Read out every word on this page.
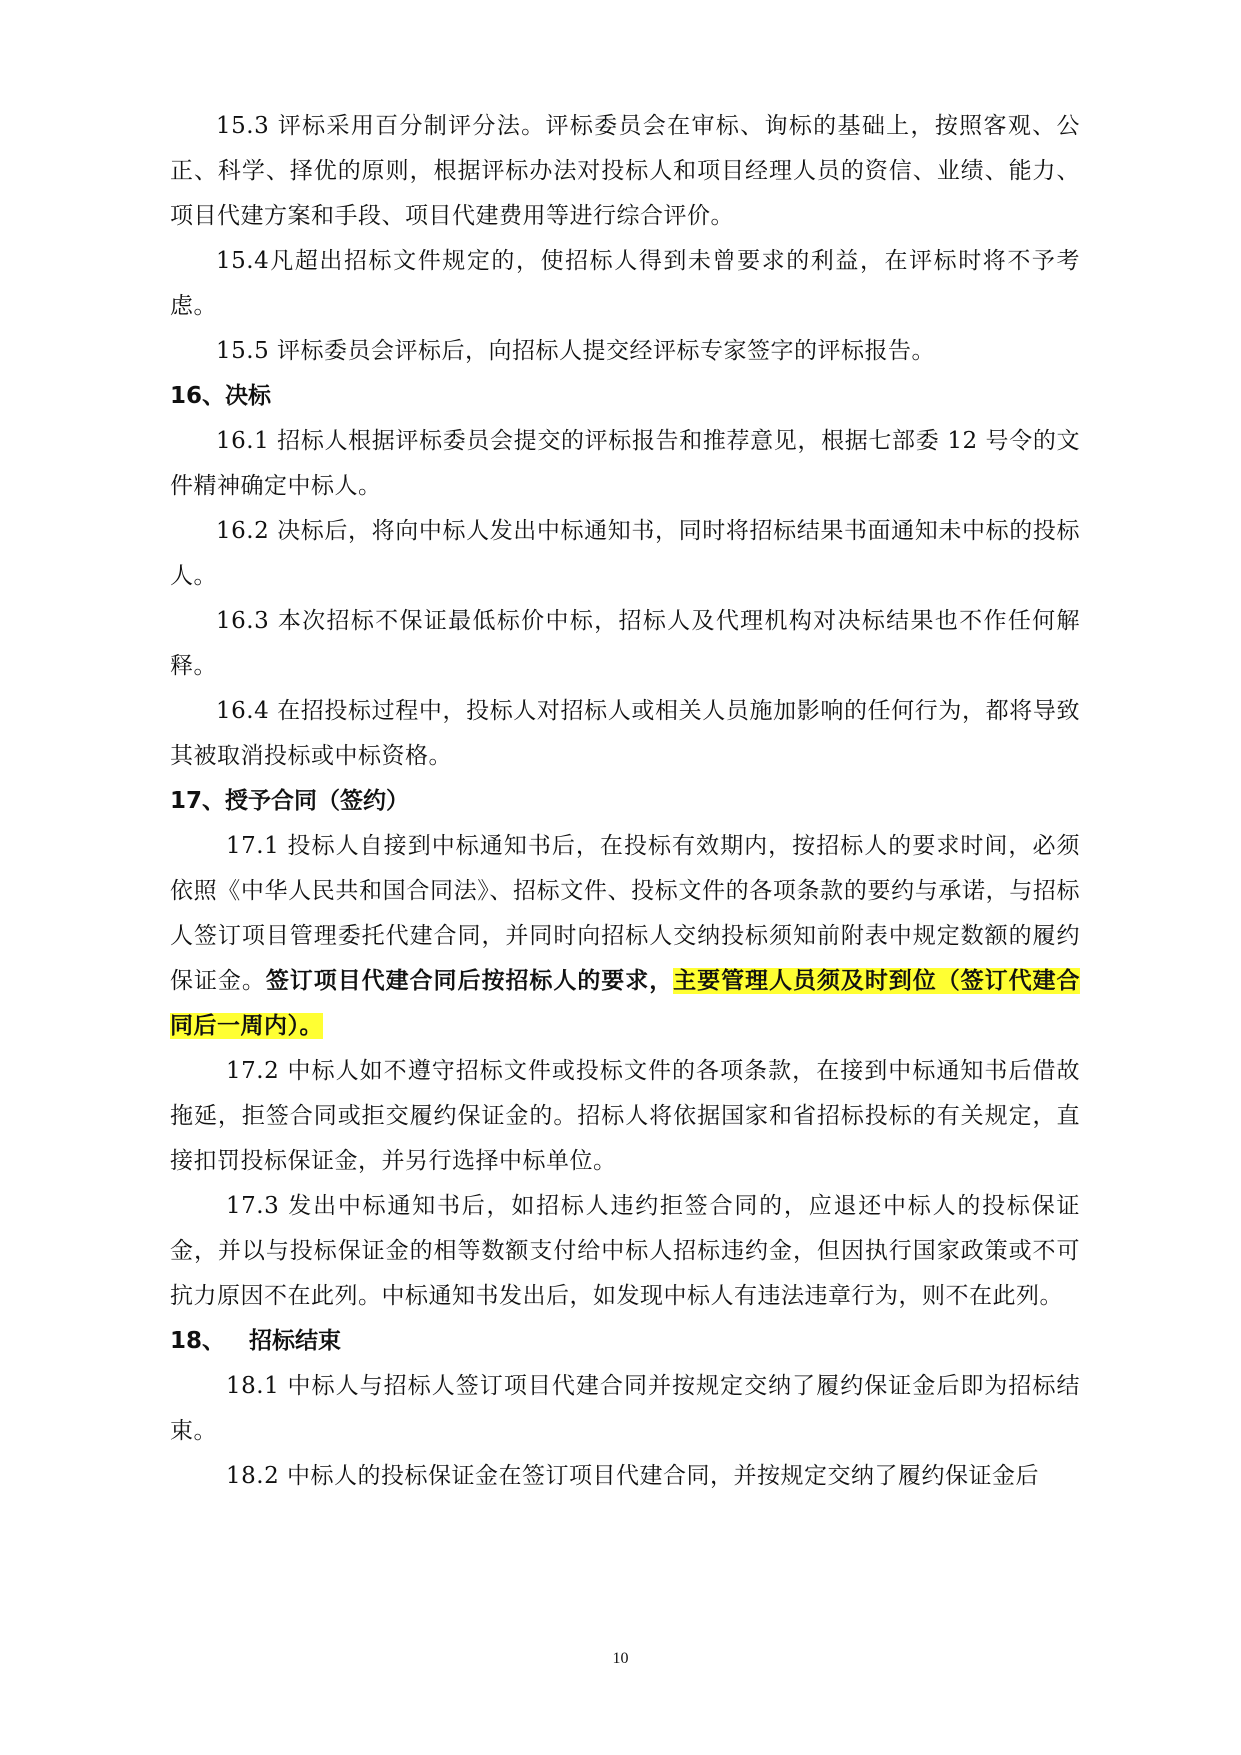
15.3 评标采用百分制评分法。评标委员会在审标、询标的基础上，按照客观、公正、科学、择优的原则，根据评标办法对投标人和项目经理人员的资信、业绩、能力、项目代建方案和手段、项目代建费用等进行综合评价。

15.4凡超出招标文件规定的，使招标人得到未曾要求的利益，在评标时将不予考虑。

15.5 评标委员会评标后，向招标人提交经评标专家签字的评标报告。

16、决标

16.1 招标人根据评标委员会提交的评标报告和推荐意见，根据七部委 12 号令的文件精神确定中标人。

16.2 决标后，将向中标人发出中标通知书，同时将招标结果书面通知未中标的投标人。

16.3 本次招标不保证最低标价中标，招标人及代理机构对决标结果也不作任何解释。

16.4 在招投标过程中，投标人对招标人或相关人员施加影响的任何行为，都将导致其被取消投标或中标资格。

17、授予合同（签约）

17.1 投标人自接到中标通知书后，在投标有效期内，按招标人的要求时间，必须依照《中华人民共和国合同法》、招标文件、投标文件的各项条款的要约与承诺，与招标人签订项目管理委托代建合同，并同时向招标人交纳投标须知前附表中规定数额的履约保证金。签订项目代建合同后按招标人的要求，主要管理人员须及时到位（签订代建合同后一周内）。

17.2 中标人如不遵守招标文件或投标文件的各项条款，在接到中标通知书后借故拖延，拒签合同或拒交履约保证金的。招标人将依据国家和省招标投标的有关规定，直接扣罚投标保证金，并另行选择中标单位。

17.3 发出中标通知书后，如招标人违约拒签合同的，应退还中标人的投标保证金，并以与投标保证金的相等数额支付给中标人招标违约金，但因执行国家政策或不可抗力原因不在此列。中标通知书发出后，如发现中标人有违法违章行为，则不在此列。

18、 招标结束

18.1 中标人与招标人签订项目代建合同并按规定交纳了履约保证金后即为招标结束。

18.2 中标人的投标保证金在签订项目代建合同，并按规定交纳了履约保证金后

10
